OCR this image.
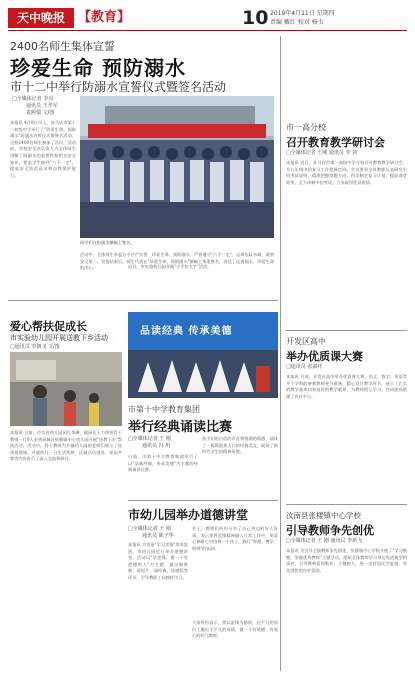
天中晚报	【教育】	10 2019年4月11日 星期四
责编 戴红 校对 杨韦
2400名师生集体宣誓
珍爱生命 预防溺水
市十二中举行防溺水宣誓仪式暨签名活动
□全媒体记者 李亮
通讯员 王孝军
袁熙瑞 文/图
本报讯 4月8日早上，驻马店市第十二初级中学举行了"珍爱生命，预防溺水"防溺水宣誓仪式暨签名活动，全校2400名师生参加了活动。活动前，学校安全办负责人为全体师生讲解了防溺水的重要性和相关安全知识，要求学生做到"六不一定"，提高安全防范意识和自我保护能力。
同学们在防溺水横幅上签名。
活动中，全体师生举起右手庄严宣誓：珍爱生命，预防溺水，严格遵守"六不一定"，远离危险水域，做到安全第一。宣誓结束后，师生代表在"珍爱生命，预防溺水"横幅上郑重签名，表达了远离溺水、珍爱生命的决心。
市一高分校
召开教育教学研讨会
□全媒体记者 王刚 通讯员 李 剑
本报讯 近日，驻马店市第一高级中学分校召开教育教学研讨会，为九年级中招复习工作把脉定向。会议要求全体教师认真研究中招考试说明，精准把握命题方向，科学制定复习计划，提高课堂效率，全力冲刺中招考试，力争取得优异成绩。
开发区高中
举办优质课大赛
□通讯员 张淑祥
本报讯 日前，开发区高中举办优质课大赛，语文、数学、英语等多个学科的参赛教师充分准备，精心设计教学环节，展示了扎实的教学基本功和良好的教学素养，为教师相互学习、共同提高搭建了良好平台。
汝南县张楼镇中心学校
引导教师争先创优
□全媒体记者 王 刚 通讯员 李新飞
本报讯 为引导全镇教师争先创优，张楼镇中心学校开展了"学习楷模，争做优秀教师"主题活动，组织全体教师学习身边先进典型的事迹，引导教师爱岗敬业、立德树人，进一步营造比学赶超、争先创优的良好氛围。
爱心帮扶促成长
市实验幼儿园开展送教下乡活动
□通讯员 李朝飞 文/图
本报讯 日前，市实验幼儿园园长李琳、副园长王力带领骨干教师一行9人来到驿城区蚁蜂镇中心幼儿园开展"送教下乡"帮扶活动。活动中，骨干教师为乡镇幼儿园的老师们展示了优质观摩课，并就幼儿一日生活常规、区域活动创设、家园共育等内容进行了深入交流和研讨。
品读经典 传承美德
近日，市实验幼儿园开展"小手拉大手"活动。
市第十中学教育集团
举行经典诵读比赛
□全媒体记者 王 刚
通讯员 冯 玥
日前，市第十中学教育集团举行了以"品味经典，传承美德"为主题的经典诵读比赛。
选手们用自信的声音和饱满的情感，诵读了一篇篇脍炙人口的经典美文，展现了新时代学生的精神风貌。
市幼儿园举办道德讲堂
□全媒体记者 王 刚
通讯员 陈子华
本报讯 为营造"学习雷锋"浓厚氛围，市幼儿园近日举办道德讲堂。活动以"学雷锋，做一个有道德的人"为主题，通过唱歌曲、看短片、诵经典、谈感悟等环节，引导教职工向榜样学习。
会上，教师们纷纷分享了自己身边的好人好事，表示要将雷锋精神融入日常工作中，用爱心和耐心对待每一个孩子，践行"厚德、博学、明辨"的园训。
大家纷纷表示，要以雷锋为榜样，在平凡的岗位上做出不平凡的成绩，做一个有道德、有爱心的幼儿教师。
